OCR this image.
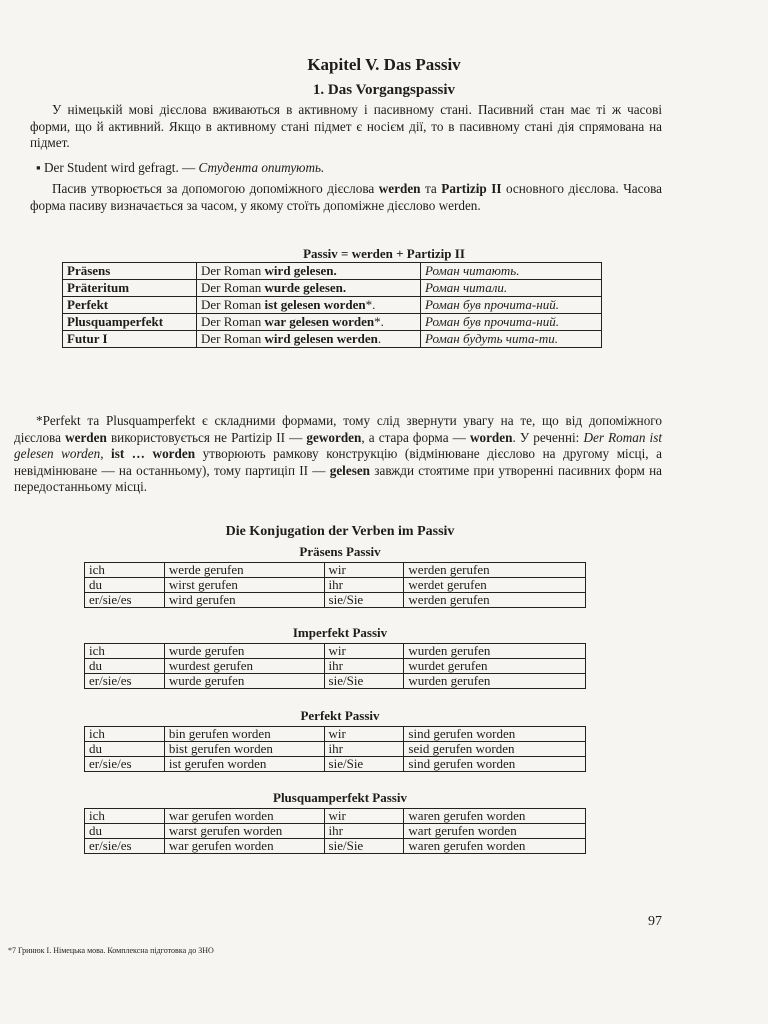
Kapitel V. Das Passiv
1. Das Vorgangspassiv

У німецькій мові дієслова вживаються в активному і пасивному стані. Пасивний стан має ті ж часові форми, що й активний. Якщо в активному стані підмет є носієм дії, то в пасивному стані дія спрямована на підмет.

▪ Der Student wird gefragt. — Студента опитують.

Пасив утворюється за допомогою допоміжного дієслова werden та Partizip II основного дієслова. Часова форма пасиву визначається за часом, у якому стоїть допоміжне дієслово werden.

Passiv = werden + Partizip II
Präsens	Der Roman wird gelesen.	Роман читають.
Präteritum	Der Roman wurde gelesen.	Роман читали.
Perfekt	Der Roman ist gelesen worden*.	Роман був прочита-ний.
Plusquamperfekt	Der Roman war gelesen worden*.	Роман був прочита-ний.
Futur I	Der Roman wird gelesen werden.	Роман будуть чита-ти.

*Perfekt та Plusquamperfekt є складними формами, тому слід звернути увагу на те, що від допоміжного дієслова werden використовується не Partizip II — geworden, а стара форма — worden. У реченні: Der Roman ist gelesen worden, ist … worden утворюють рамкову конструкцію (відмінюване дієслово на другому місці, а невідмінюване — на останньому), тому партиціп II — gelesen завжди стоятиме при утворенні пасивних форм на передостанньому місці.

Die Konjugation der Verben im Passiv
Präsens Passiv
ich	werde gerufen	wir	werden gerufen
du	wirst gerufen	ihr	werdet gerufen
er/sie/es	wird gerufen	sie/Sie	werden gerufen
Imperfekt Passiv
ich	wurde gerufen	wir	wurden gerufen
du	wurdest gerufen	ihr	wurdet gerufen
er/sie/es	wurde gerufen	sie/Sie	wurden gerufen
Perfekt Passiv
ich	bin gerufen worden	wir	sind gerufen worden
du	bist gerufen worden	ihr	seid gerufen worden
er/sie/es	ist gerufen worden	sie/Sie	sind gerufen worden
Plusquamperfekt Passiv
ich	war gerufen worden	wir	waren gerufen worden
du	warst gerufen worden	ihr	wart gerufen worden
er/sie/es	war gerufen worden	sie/Sie	waren gerufen worden
97
*7 Гринюк І. Німецька мова. Комплексна підготовка до ЗНО
